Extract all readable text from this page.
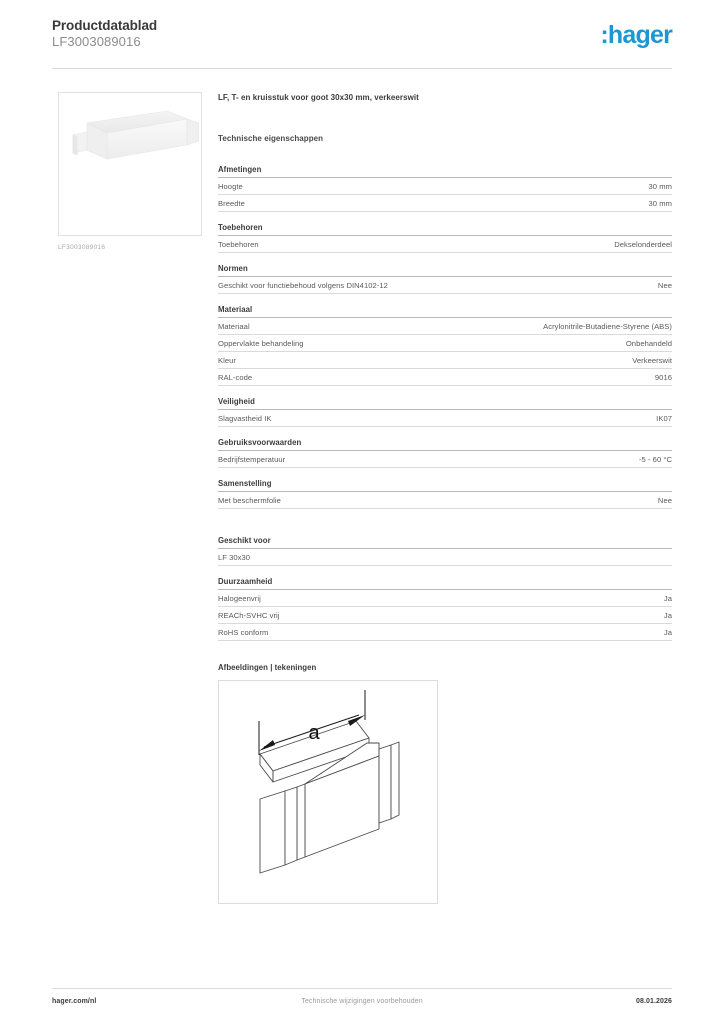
Productdatablad
LF3003089016	:hager
LF3003089016
LF, T- en kruisstuk voor goot 30x30 mm, verkeerswit
Technische eigenschappen
Afmetingen
Hoogte	30 mm
Breedte	30 mm
Toebehoren
Toebehoren	Dekselonderdeel
Normen
Geschikt voor functiebehoud volgens DIN4102-12	Nee
Materiaal
Materiaal	Acrylonitrile-Butadiene-Styrene (ABS)
Oppervlakte behandeling	Onbehandeld
Kleur	Verkeerswit
RAL-code	9016
Veiligheid
Slagvastheid IK	IK07
Gebruiksvoorwaarden
Bedrijfstemperatuur	-5 - 60 °C
Samenstelling
Met beschermfolie	Nee
Geschikt voor
LF 30x30
Duurzaamheid
Halogeenvrij	Ja
REACh-SVHC vrij	Ja
RoHS conform	Ja
Afbeeldingen | tekeningen
a
hager.com/nl	Technische wijzigingen voorbehouden	08.01.2026
